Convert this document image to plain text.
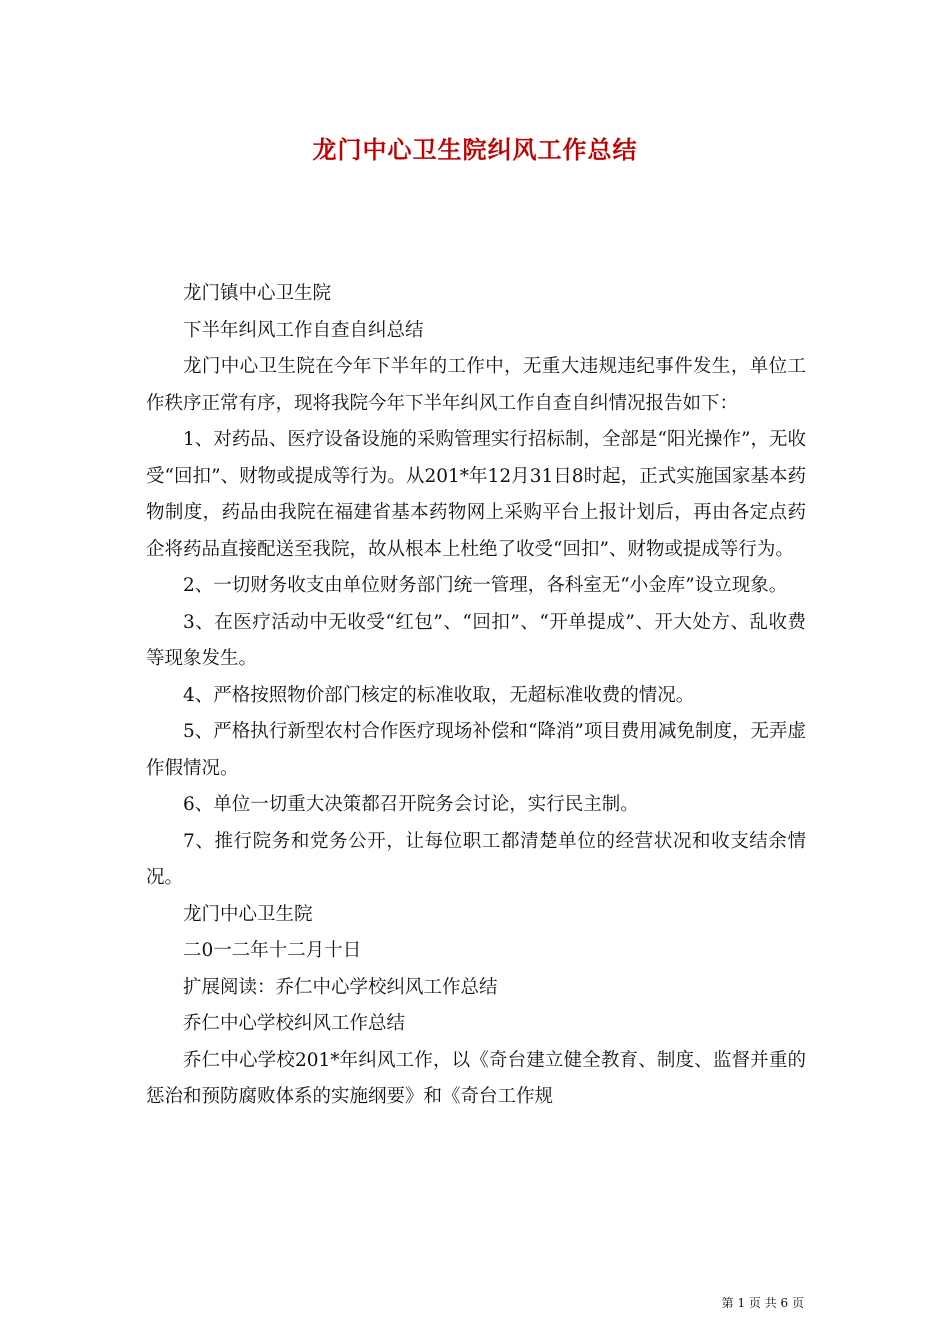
龙门中心卫生院纠风工作总结

龙门镇中心卫生院

下半年纠风工作自查自纠总结

龙门中心卫生院在今年下半年的工作中，无重大违规违纪事件发生，单位工作秩序正常有序，现将我院今年下半年纠风工作自查自纠情况报告如下：

1、对药品、医疗设备设施的采购管理实行招标制，全部是“阳光操作”，无收受“回扣”、财物或提成等行为。从201*年12月31日8时起，正式实施国家基本药物制度，药品由我院在福建省基本药物网上采购平台上报计划后，再由各定点药企将药品直接配送至我院，故从根本上杜绝了收受“回扣”、财物或提成等行为。

2、一切财务收支由单位财务部门统一管理，各科室无“小金库”设立现象。

3、在医疗活动中无收受“红包”、“回扣”、“开单提成”、开大处方、乱收费等现象发生。

4、严格按照物价部门核定的标准收取，无超标准收费的情况。

5、严格执行新型农村合作医疗现场补偿和“降消”项目费用减免制度，无弄虚作假情况。

6、单位一切重大决策都召开院务会讨论，实行民主制。

7、推行院务和党务公开，让每位职工都清楚单位的经营状况和收支结余情况。

龙门中心卫生院

二0一二年十二月十日

扩展阅读：乔仁中心学校纠风工作总结

乔仁中心学校纠风工作总结

乔仁中心学校201*年纠风工作，以《奇台建立健全教育、制度、监督并重的惩治和预防腐败体系的实施纲要》和《奇台工作规

第 1 页 共 6 页
